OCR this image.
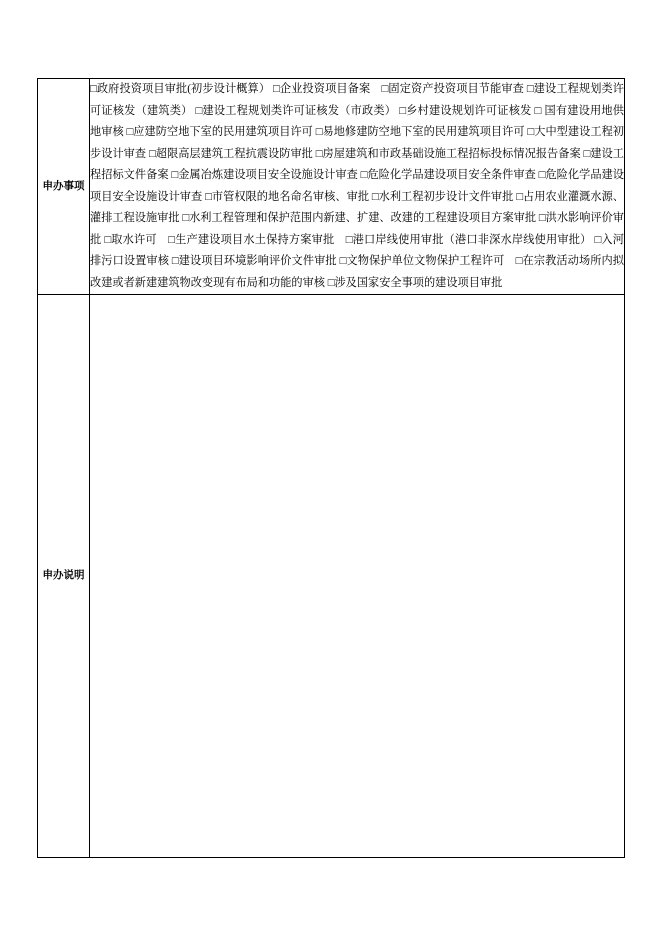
申办事项	□政府投资项目审批(初步设计概算） □企业投资项目备案　□固定资产投资项目节能审查 □建设工程规划类许可证核发（建筑类） □建设工程规划类许可证核发（市政类） □乡村建设规划许可证核发 □ 国有建设用地供地审核 □应建防空地下室的民用建筑项目许可 □易地修建防空地下室的民用建筑项目许可 □大中型建设工程初步设计审查 □超限高层建筑工程抗震设防审批 □房屋建筑和市政基础设施工程招标投标情况报告备案 □建设工程招标文件备案 □金属冶炼建设项目安全设施设计审查 □危险化学品建设项目安全条件审查 □危险化学品建设项目安全设施设计审查 □市管权限的地名命名审核、审批 □水利工程初步设计文件审批 □占用农业灌溉水源、灌排工程设施审批 □水利工程管理和保护范围内新建、扩建、改建的工程建设项目方案审批 □洪水影响评价审批 □取水许可　□生产建设项目水土保持方案审批　□港口岸线使用审批（港口非深水岸线使用审批） □入河排污口设置审核 □建设项目环境影响评价文件审批 □文物保护单位文物保护工程许可　□在宗教活动场所内拟改建或者新建建筑物改变现有布局和功能的审核 □涉及国家安全事项的建设项目审批

申办说明	
